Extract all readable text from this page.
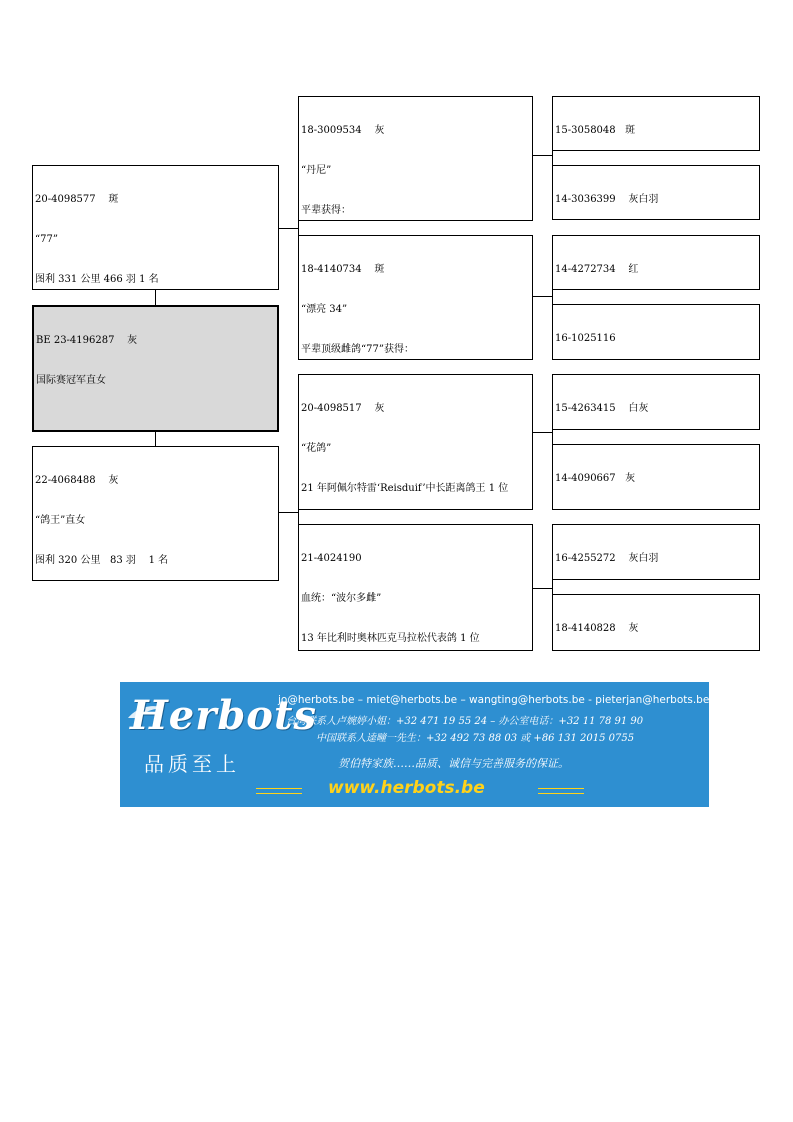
20-4098577    斑

“77”

图利 331 公里 466 羽 1 名

BE 23-4196287    灰

国际赛冠军直女

22-4068488    灰

“鸽王”直女

图利 320 公里   83 羽    1 名

18-3009534    灰

“丹尼”

平辈获得：

18-4140734    斑

“漂亮 34”

平辈顶级雌鸽“77”获得：

20-4098517    灰

“花鸽”

21 年阿佩尔特雷‘Reisduif’中长距离鸽王 1 位

21-4024190

血统：“波尔多雌”

13 年比利时奥林匹克马拉松代表鸽 1 位

15-3058048   斑

14-3036399    灰白羽

14-4272734    红

16-1025116

15-4263415    白灰

14-4090667   灰

16-4255272    灰白羽

18-4140828    灰

Herbots
品质至上
jo@herbots.be – miet@herbots.be – wangting@herbots.be - pieterjan@herbots.be
台湾联系人卢婉婷小姐：+32 471 19 55 24 – 办公室电话：+32 11 78 91 90
中国联系人逵疃一先生：+32 492 73 88 03 或 +86 131 2015 0755
贺伯特家族……品质、诚信与完善服务的保证。
www.herbots.be
